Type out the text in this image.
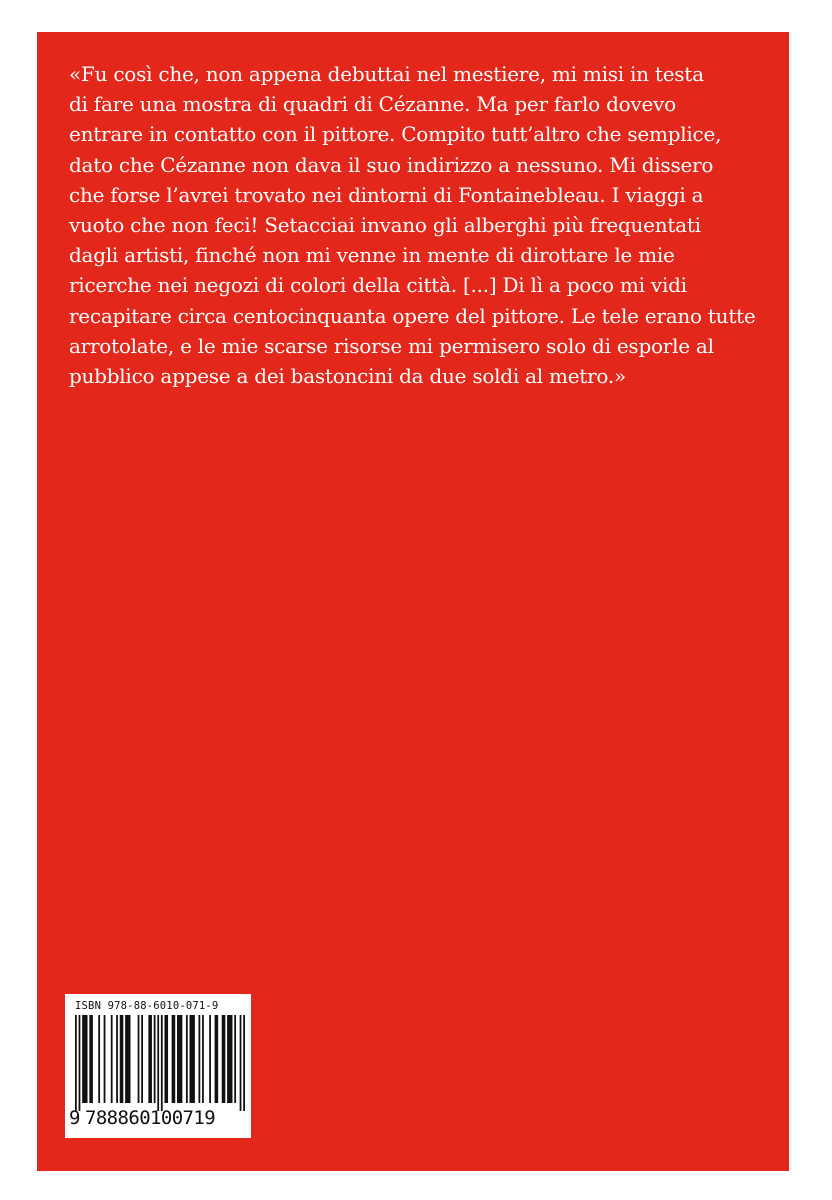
«Fu così che, non appena debuttai nel mestiere, mi misi in testa
di fare una mostra di quadri di Cézanne. Ma per farlo dovevo
entrare in contatto con il pittore. Compito tutt’altro che semplice,
dato che Cézanne non dava il suo indirizzo a nessuno. Mi dissero
che forse l’avrei trovato nei dintorni di Fontainebleau. I viaggi a
vuoto che non feci! Setacciai invano gli alberghi più frequentati
dagli artisti, finché non mi venne in mente di dirottare le mie
ricerche nei negozi di colori della città. [...] Di lì a poco mi vidi
recapitare circa centocinquanta opere del pittore. Le tele erano tutte
arrotolate, e le mie scarse risorse mi permisero solo di esporle al
pubblico appese a dei bastoncini da due soldi al metro.»

ISBN 978-88-6010-071-9

9 788860100719
